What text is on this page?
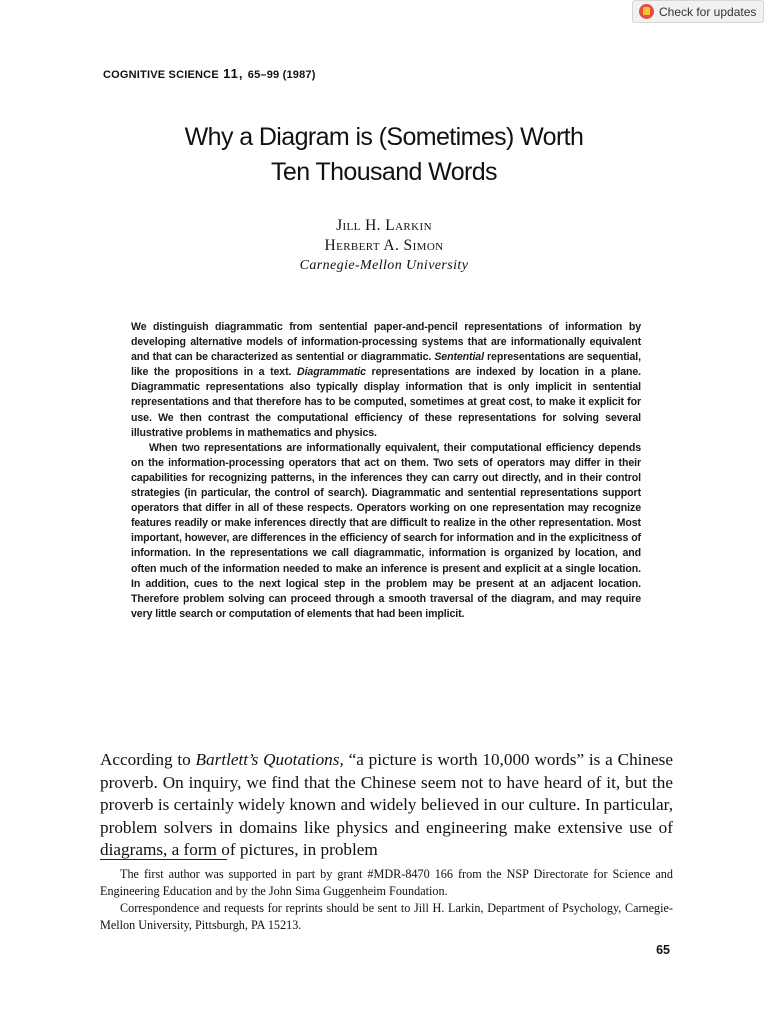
Check for updates
COGNITIVE SCIENCE 11, 65–99 (1987)
Why a Diagram is (Sometimes) Worth
Ten Thousand Words
Jill H. Larkin
Herbert A. Simon
Carnegie-Mellon University

We distinguish diagrammatic from sentential paper-and-pencil representations of information by developing alternative models of information-processing systems that are informationally equivalent and that can be characterized as sentential or diagrammatic. Sentential representations are sequential, like the propositions in a text. Diagrammatic representations are indexed by location in a plane. Diagrammatic representations also typically display information that is only implicit in sentential representations and that therefore has to be computed, sometimes at great cost, to make it explicit for use. We then contrast the computational efficiency of these representations for solving several illustrative problems in mathematics and physics.

When two representations are informationally equivalent, their computational efficiency depends on the information-processing operators that act on them. Two sets of operators may differ in their capabilities for recognizing patterns, in the inferences they can carry out directly, and in their control strategies (in particular, the control of search). Diagrammatic and sentential representations support operators that differ in all of these respects. Operators working on one representation may recognize features readily or make inferences directly that are difficult to realize in the other representation. Most important, however, are differences in the efficiency of search for information and in the explicitness of information. In the representations we call diagrammatic, information is organized by location, and often much of the information needed to make an inference is present and explicit at a single location. In addition, cues to the next logical step in the problem may be present at an adjacent location. Therefore problem solving can proceed through a smooth traversal of the diagram, and may require very little search or computation of elements that had been implicit.

According to Bartlett’s Quotations, “a picture is worth 10,000 words” is a Chinese proverb. On inquiry, we find that the Chinese seem not to have heard of it, but the proverb is certainly widely known and widely believed in our culture. In particular, problem solvers in domains like physics and engineering make extensive use of diagrams, a form of pictures, in problem

The first author was supported in part by grant #MDR-8470 166 from the NSP Directorate for Science and Engineering Education and by the John Sima Guggenheim Foundation.

Correspondence and requests for reprints should be sent to Jill H. Larkin, Department of Psychology, Carnegie-Mellon University, Pittsburgh, PA 15213.

65
